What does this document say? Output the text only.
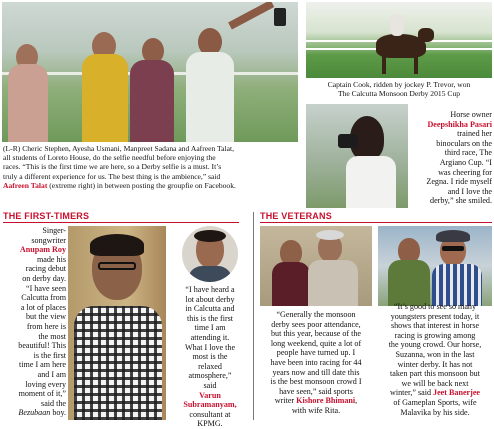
(L-R) Cheric Stephen, Ayesha Usmani, Manpreet Sadana and Aafreen Talat,
all students of Loreto House, do the selfie needful before enjoying the
races. “This is the first time we are here, so a Derby selfie is a must. It’s
truly a different experience for us. The best thing is the ambience,” said
Aafreen Talat (extreme right) in between posting the groupfie on Facebook.
Captain Cook, ridden by jockey P. Trevor, won
The Calcutta Monsoon Derby 2015 Cup
Horse owner
Deepshikha Pasari
trained her
binoculars on the
third race, The
Argiano Cup. “I
was cheering for
Zegna. I ride myself
and I love the
derby,” she smiled.
THE FIRST-TIMERS
Singer-
songwriter
Anupam Roy
made his
racing debut
on derby day.
“I have seen
Calcutta from
a lot of places
but the view
from here is
the most
beautiful! This
is the first
time I am here
and I am
loving every
moment of it,”
said the
Bezubaan boy.
“I have heard a
lot about derby
in Calcutta and
this is the first
time I am
attending it.
What I love the
most is the
relaxed
atmosphere,”
said
Varun
Subramanyam,
consultant at
KPMG.
THE VETERANS
“Generally the monsoon
derby sees poor attendance,
but this year, because of the
long weekend, quite a lot of
people have turned up. I
have been into racing for 44
years now and till date this
is the best monsoon crowd I
have seen,” said sports
writer Kishore Bhimani,
with wife Rita.
“It’s good to see so many
youngsters present today, it
shows that interest in horse
racing is growing among
the young crowd. Our horse,
Suzanna, won in the last
winter derby. It has not
taken part this monsoon but
we will be back next
winter,” said Jeet Banerjee
of Gameplan Sports, wife
Malavika by his side.
